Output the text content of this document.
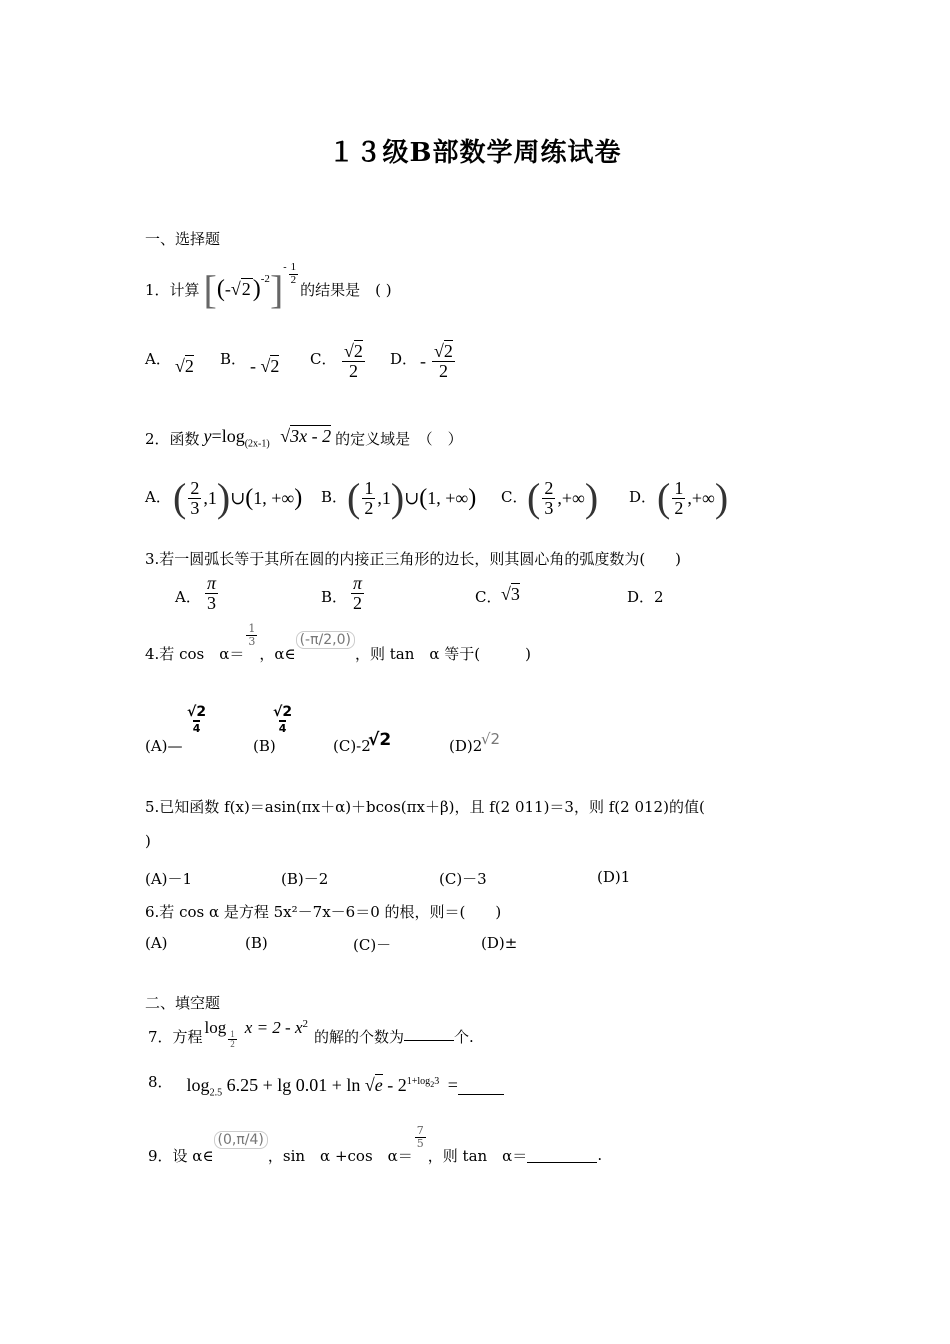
１３级B部数学周练试卷
一、选择题
1．计算 [ ( - √2 ) -2 ] - $\frac{1}{2}$
的结果是　( )
A． √2 B． - √2 C． $\frac{√2}{2}$ D． - $\frac{√2}{2}$
2．函数 $y=\log_{(2x-1)}$ √3x - 2 的定义域是　（　）
A． ( $\frac{2}{3}$ , 1 ) ∪ ( 1 , +∞ ) B． ( $\frac{1}{2}$ , 1 ) ∪ ( 1 , +∞ ) C． ( $\frac{2}{3}$ , +∞ ) D． ( $\frac{1}{2}$ , +∞ )
3.若一圆弧长等于其所在圆的内接正三角形的边长，则其圆心角的弧度数为(　　)
A． $\frac{\pi}{3}$	B． $\frac{\pi}{2}$	C． √3	D．2
4.若 cos　α＝
$\frac{1}{3}$
，α∈
(-π/2,0)
，则 tan　α 等于(　　　)
(A)—
√2
4
(B)
√2
4
(C)-2
√2	(D)2
√2
5.已知函数 f(x)＝asin(πx＋α)＋bcos(πx＋β)，且 f(2 011)＝3，则 f(2 012)的值(
)
(A)－1	(B)－2	(C)－3	(D)1
6.若 cos α 是方程 5x²－7x－6＝0 的根，则＝(　　)
(A)	(B)	(C)－	(D)±
二、填空题
7．方程 log
$\frac{1}{2}$
x = 2 - x 2
的解的个数为	个.
8． $\log_{2.5} 6.25 + \lg 0.01 + \ln √e - 2^{1+log_23}$ =
9．设 α∈
(0,π/4)
，sin　α +cos　α＝
$\frac{7}{5}$
，则 tan　α＝	.
